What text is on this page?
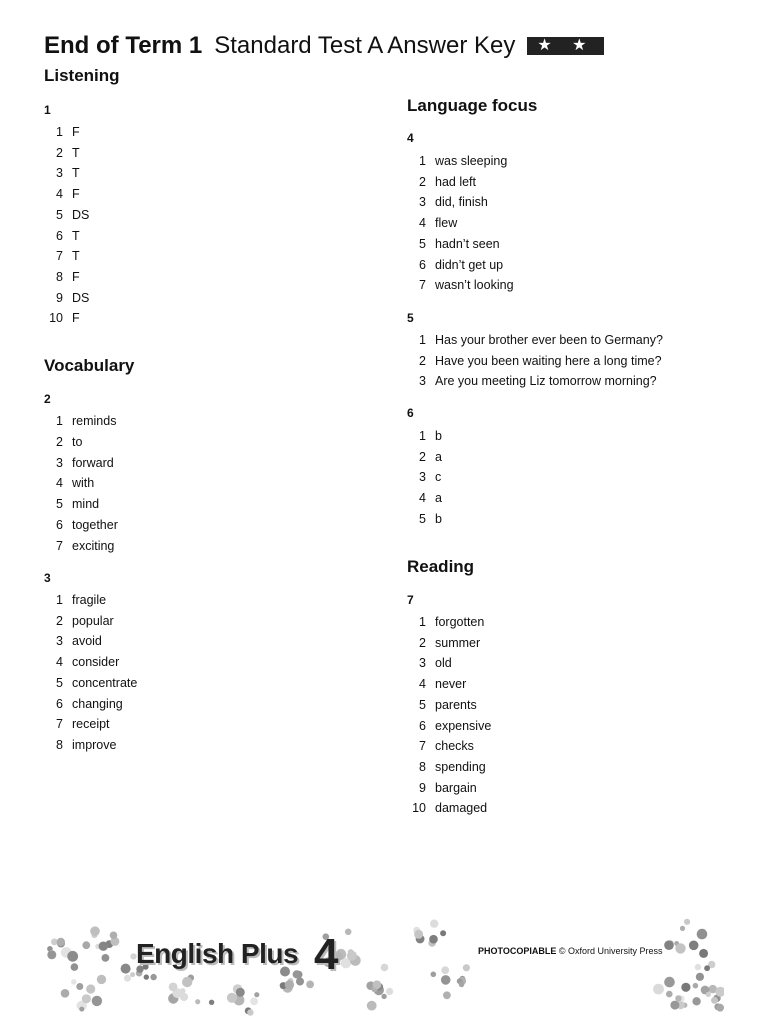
End of Term 1 Standard Test A Answer Key ★ ★
Listening
1
1 F
2 T
3 T
4 F
5 DS
6 T
7 T
8 F
9 DS
10 F
Vocabulary
2
1 reminds
2 to
3 forward
4 with
5 mind
6 together
7 exciting
3
1 fragile
2 popular
3 avoid
4 consider
5 concentrate
6 changing
7 receipt
8 improve
Language focus
4
1 was sleeping
2 had left
3 did, finish
4 flew
5 hadn’t seen
6 didn’t get up
7 wasn’t looking
5
1 Has your brother ever been to Germany?
2 Have you been waiting here a long time?
3 Are you meeting Liz tomorrow morning?
6
1 b
2 a
3 c
4 a
5 b
Reading
7
1 forgotten
2 summer
3 old
4 never
5 parents
6 expensive
7 checks
8 spending
9 bargain
10 damaged
English Plus 4	PHOTOCOPIABLE © Oxford University Press
